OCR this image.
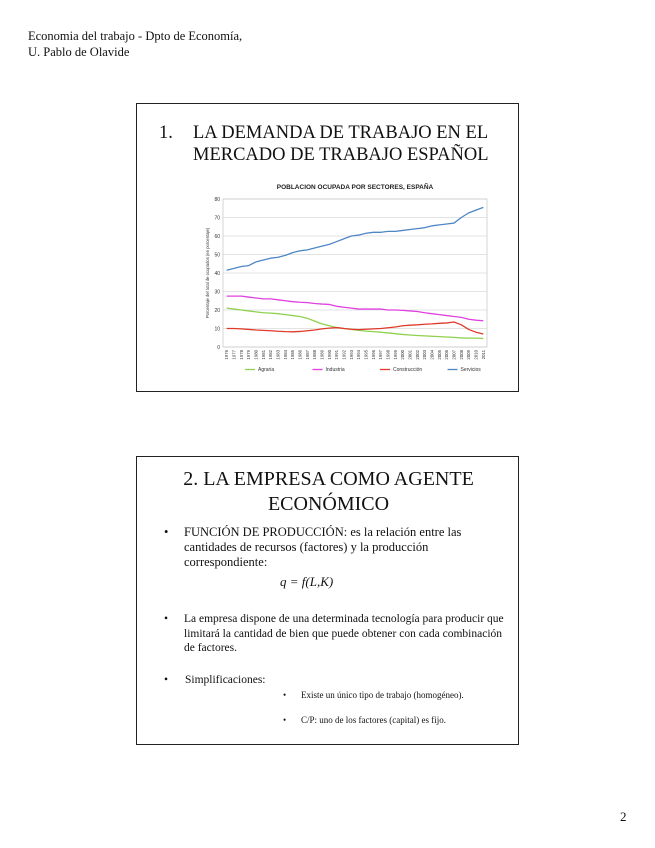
Economia del trabajo - Dpto de Economía,
U. Pablo de Olavide
1. LA DEMANDA DE TRABAJO EN EL MERCADO DE TRABAJO ESPAÑOL
POBLACION OCUPADA POR SECTORES, ESPAÑA
0
10
20
30
40
50
60
70
80
Porcentaje del total de ocupados (en porcentaje)
1976 1977 1978 1979 1980 1981 1982 1983 1984 1985 1986 1987 1988 1989 1990 1991 1992 1993 1994 1995 1996 1997 1998 1999 2000 2001 2002 2003 2004 2005 2006 2007 2008 2009 2010 2011
Agraria	Industria	Construcción	Servicios
2. LA EMPRESA COMO AGENTE
ECONÓMICO
• FUNCIÓN DE PRODUCCIÓN: es la relación entre las cantidades de recursos (factores) y la producción correspondiente:
q = f(L,K)
• La empresa dispone de una determinada tecnología para producir que limitará la cantidad de bien que puede obtener con cada combinación de factores.
• Simplificaciones:
• Existe un único tipo de trabajo (homogéneo).
• C/P: uno de los factores (capital) es fijo.
2
